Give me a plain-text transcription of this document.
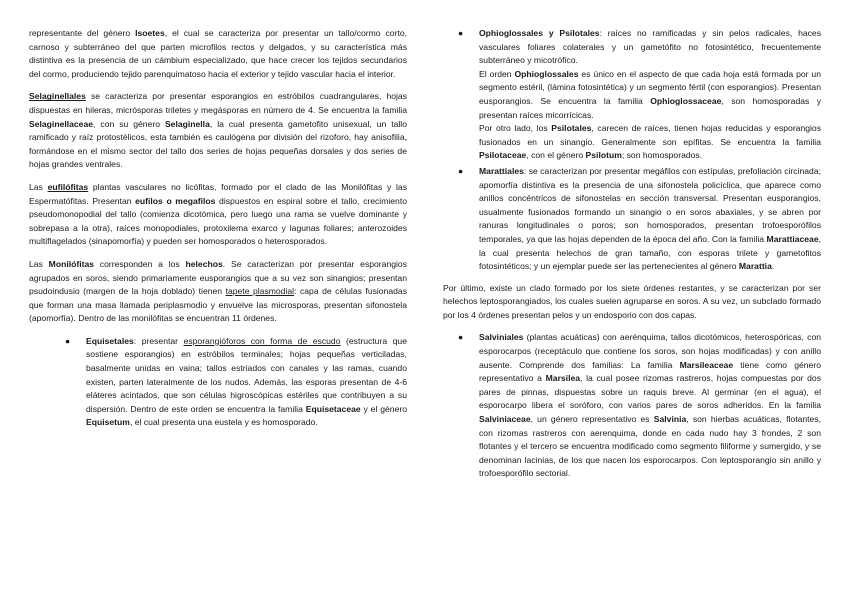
representante del género Isoetes, el cual se caracteriza por presentar un tallo/cormo corto, carnoso y subterráneo del que parten microfilos rectos y delgados, y su característica más distintiva es la presencia de un cámbium especializado, que hace crecer los tejidos secundarios del cormo, produciendo tejido parenquimatoso hacia el exterior y tejido vascular hacia el interior.

Selaginellales se caracteriza por presentar esporangios en estróbilos cuadrangulares, hojas dispuestas en hileras, micrósporas triletes y megásporas en número de 4. Se encuentra la familia Selaginellaceae, con su género Selaginella, la cual presenta gametofito unisexual, un tallo ramificado y raíz protostélicos, esta también es caulógena por división del rizoforo, hay anisofilia, formándose en el mismo sector del tallo dos series de hojas pequeñas dorsales y dos series de hojas grandes ventrales.

Las eufilófitas plantas vasculares no licófitas, formado por el clado de las Monilófitas y las Espermatófitas. Presentan eufilos o megafilos dispuestos en espiral sobre el tallo, crecimiento pseudomonopodial del tallo (comienza dicotómica, pero luego una rama se vuelve dominante y sobrepasa a la otra), raíces monopodiales, protoxilema exarco y lagunas foliares; anterozoides multiflagelados (sinapomorfía) y pueden ser homosporados o heterosporados.

Las Monilófitas corresponden a los helechos. Se caracterizan por presentar esporangios agrupados en soros, siendo primariamente eusporangios que a su vez son sinangios; presentan psudoindusio (margen de la hoja doblado) tienen tapete plasmodial: capa de células fusionadas que forman una masa llamada periplasmodio y envuelve las microsporas, presentan sifonostela (apomorfía). Dentro de las monilófitas se encuentran 11 órdenes.

●	Equisetales: presentar esporangióforos con forma de escudo (estructura que sostiene esporangios) en estróbilos terminales; hojas pequeñas verticiladas, basalmente unidas en vaina; tallos estriados con canales y las ramas, cuando existen, parten lateralmente de los nudos. Además, las esporas presentan de 4-6 eláteres acintados, que son células higroscópicas estériles que contribuyen a su dispersión. Dentro de este orden se encuentra la familia Equisetaceae y el género Equisetum, el cual presenta una eustela y es homosporado.

●	Ophioglossales y Psilotales: raíces no ramificadas y sin pelos radicales, haces vasculares foliares colaterales y un gametófito no fotosintético, frecuentemente subterráneo y micotrófico.

El orden Ophioglossales es único en el aspecto de que cada hoja está formada por un segmento estéril, (lámina fotosintética) y un segmento fértil (con esporangios). Presentan eusporangios. Se encuentra la familia Ophioglossaceae, son homosporadas y presentan raíces micorrícicas.

Por otro lado, los Psilotales, carecen de raíces, tienen hojas reducidas y esporangios fusionados en un sinangio. Generalmente son epífitas. Se encuentra la familia Psilotaceae, con el género Psilotum; son homosporados.

●	Marattiales: se caracterizan por presentar megáfilos con estípulas, prefoliación circinada; apomorfía distintiva es la presencia de una sifonostela policíclica, que aparece como anillos concéntricos de sifonostelas en sección transversal. Presentan eusporangios, usualmente fusionados formando un sinangio o en soros abaxiales, y se abren por ranuras longitudinales o poros; son homosporados, presentan trofoesporófilos temporales, ya que las hojas dependen de la época del año. Con la familia Marattiaceae, la cual presenta helechos de gran tamaño, con esporas trilete y gametofitos fotosintéticos; y un ejemplar puede ser las pertenecientes al género Marattia.

Por último, existe un clado formado por los siete órdenes restantes, y se caracterizan por ser helechos leptosporangiados, los cuales suelen agruparse en soros. A su vez, un subclado formado por los 4 órdenes presentan pelos y un endosporio con dos capas.

●	Salviniales (plantas acuáticas) con aerénquima, tallos dicotómicos, heterospóricas, con esporocarpos (receptáculo que contiene los soros, son hojas modificadas) y con anillo ausente. Comprende dos familias: La familia Marsileaceae tiene como género representativo a Marsilea, la cual posee rizomas rastreros, hojas compuestas por dos pares de pinnas, dispuestas sobre un raquis breve. Al germinar (en el agua), el esporocarpo libera el soróforo, con varios pares de soros adheridos. En la familia Salviniaceae, un género representativo es Salvinia, son hierbas acuáticas, flotantes, con rizomas rastreros con aerenquima, donde en cada nudo hay 3 frondes, 2 son flotantes y el tercero se encuentra modificado como segmento filiforme y sumergido, y se denominan lacinias, de los que nacen los esporocarpos. Con leptosporangio sin anillo y trofoesporófilo sectorial.
